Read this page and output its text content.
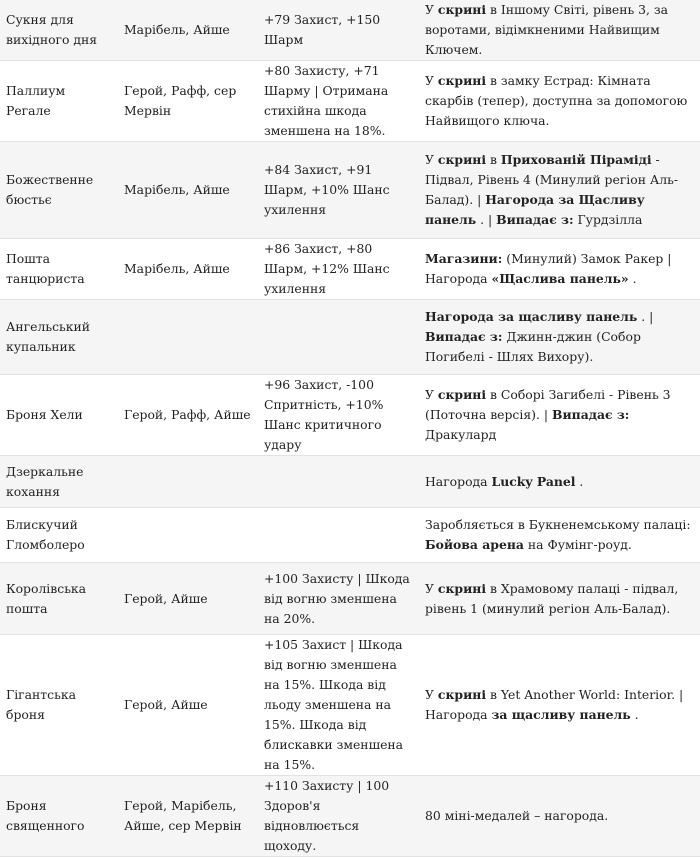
Сукня для вихідного дня	Марібель, Айше	+79 Захист, +150 Шарм	У скрині в Іншому Світі, рівень 3, за воротами, відімкненими Найвищим Ключем.
Паллиум Регале	Герой, Рафф, сер Мервін	+80 Захисту, +71 Шарму | Отримана стихійна шкода зменшена на 18%.	У скрині в замку Естрад: Кімната скарбів (тепер), доступна за допомогою Найвищого ключа.
Божественне бюстьє	Марібель, Айше	+84 Захист, +91 Шарм, +10% Шанс ухилення	У скрині в Прихованій Піраміді - Підвал, Рівень 4 (Минулий регіон Аль-Балад). | Нагорода за Щасливу панель . | Випадає з: Гурдзілла
Пошта танцюриста	Марібель, Айше	+86 Захист, +80 Шарм, +12% Шанс ухилення	Магазини: (Минулий) Замок Ракер | Нагорода «Щаслива панель» .
Ангельський купальник			Нагорода за щасливу панель . | Випадає з: Джинн-джин (Собор Погибелі - Шлях Вихору).
Броня Хели	Герой, Рафф, Айше	+96 Захист, -100 Спритність, +10% Шанс критичного удару	У скрині в Соборі Загибелі - Рівень 3 (Поточна версія). | Випадає з: Дракулард
Дзеркальне кохання			Нагорода Lucky Panel .
Блискучий Гломболеро			Заробляється в Букненемському палаці: Бойова арена на Фумінг-роуд.
Королівська пошта	Герой, Айше	+100 Захисту | Шкода від вогню зменшена на 20%.	У скрині в Храмовому палаці - підвал, рівень 1 (минулий регіон Аль-Балад).
Гігантська броня	Герой, Айше	+105 Захист | Шкода від вогню зменшена на 15%. Шкода від льоду зменшена на 15%. Шкода від блискавки зменшена на 15%.	У скрині в Yet Another World: Interior. | Нагорода за щасливу панель .
Броня священного	Герой, Марібель, Айше, сер Мервін	+110 Захисту | 100 Здоров'я відновлюється щоходу.	80 міні-медалей – нагорода.
